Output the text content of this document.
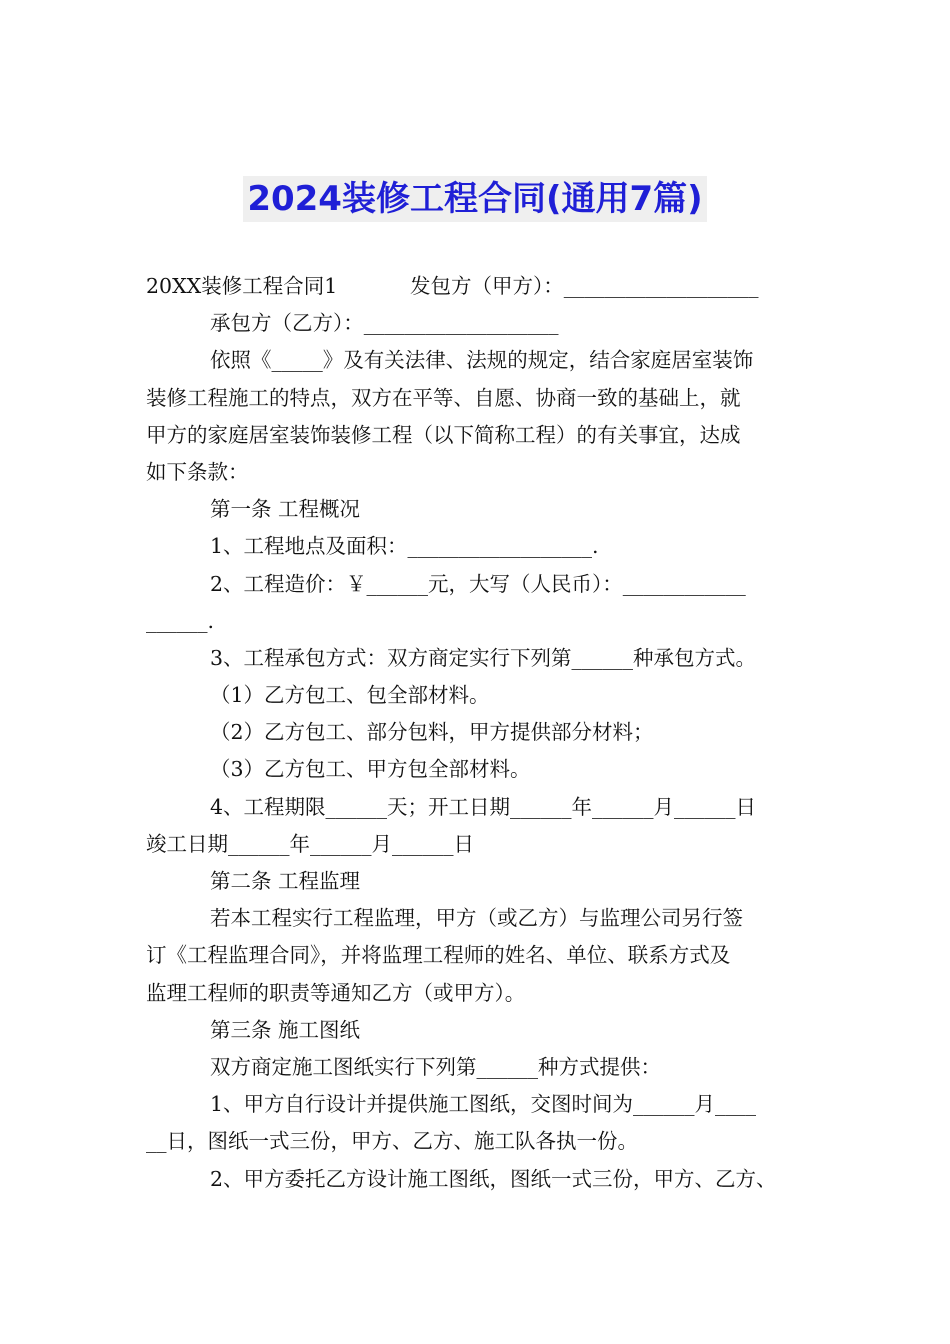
2024装修工程合同(通用7篇)
20XX装修工程合同1	发包方（甲方）：___________________
承包方（乙方）：___________________
依照《_____》及有关法律、法规的规定，结合家庭居室装饰
装修工程施工的特点，双方在平等、自愿、协商一致的基础上，就
甲方的家庭居室装饰装修工程（以下简称工程）的有关事宜，达成
如下条款：
第一条 工程概况
1、工程地点及面积：__________________.
2、工程造价：￥______元，大写（人民币）：____________
______.
3、工程承包方式：双方商定实行下列第______种承包方式。
（1）乙方包工、包全部材料。
（2）乙方包工、部分包料，甲方提供部分材料；
（3）乙方包工、甲方包全部材料。
4、工程期限______天；开工日期______年______月______日
竣工日期______年______月______日
第二条 工程监理
若本工程实行工程监理，甲方（或乙方）与监理公司另行签
订《工程监理合同》，并将监理工程师的姓名、单位、联系方式及
监理工程师的职责等通知乙方（或甲方）。
第三条 施工图纸
双方商定施工图纸实行下列第______种方式提供：
1、甲方自行设计并提供施工图纸，交图时间为______月____
__日，图纸一式三份，甲方、乙方、施工队各执一份。
2、甲方委托乙方设计施工图纸，图纸一式三份，甲方、乙方、
